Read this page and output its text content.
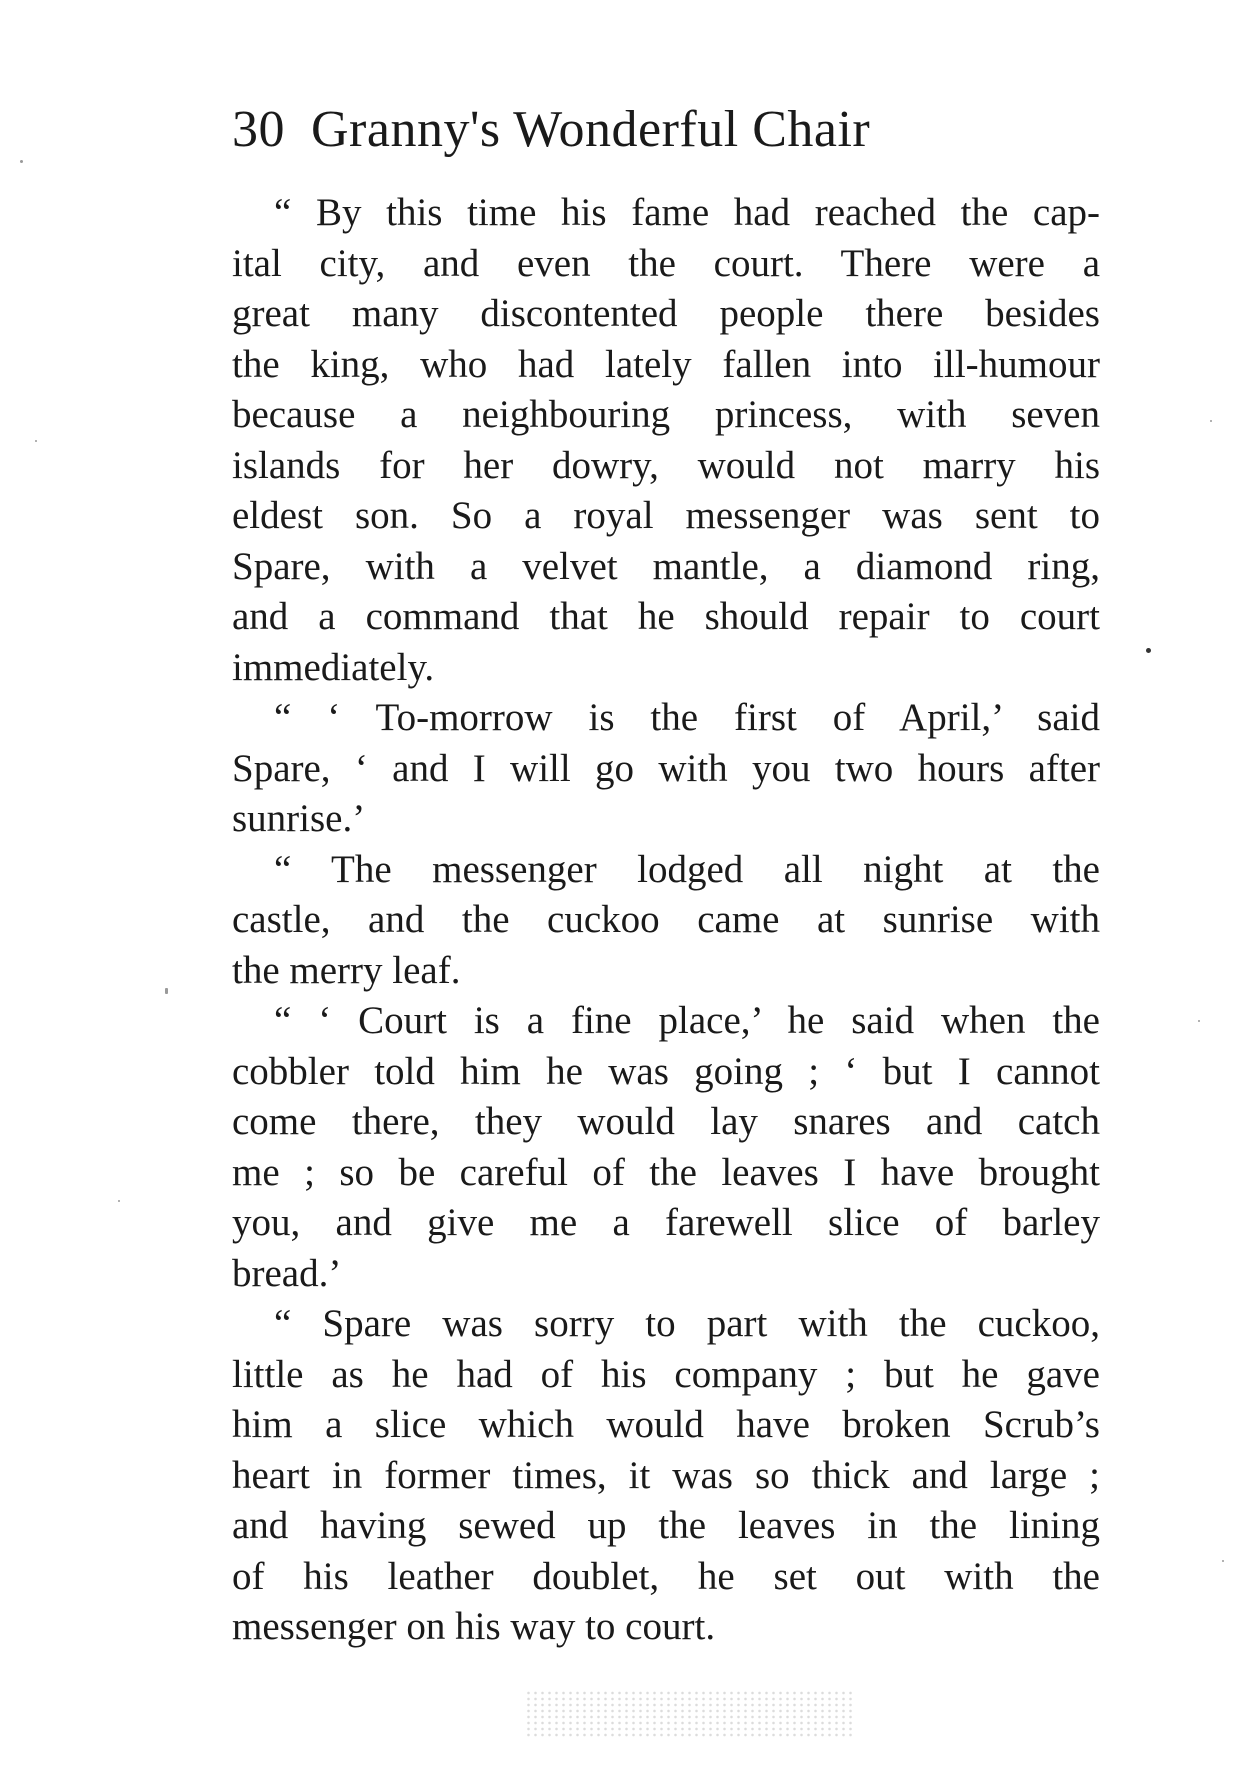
30 Granny's Wonderful Chair
“ By this time his fame had reached the cap-
ital city, and even the court. There were a
great many discontented people there besides
the king, who had lately fallen into ill-humour
because a neighbouring princess, with seven
islands for her dowry, would not marry his
eldest son. So a royal messenger was sent to
Spare, with a velvet mantle, a diamond ring,
and a command that he should repair to court
immediately.
“ ‘ To-morrow is the first of April,’ said
Spare, ‘ and I will go with you two hours after
sunrise.’
“ The messenger lodged all night at the
castle, and the cuckoo came at sunrise with
the merry leaf.
“ ‘ Court is a fine place,’ he said when the
cobbler told him he was going ; ‘ but I cannot
come there, they would lay snares and catch
me ; so be careful of the leaves I have brought
you, and give me a farewell slice of barley
bread.’
“ Spare was sorry to part with the cuckoo,
little as he had of his company ; but he gave
him a slice which would have broken Scrub’s
heart in former times, it was so thick and large ;
and having sewed up the leaves in the lining
of his leather doublet, he set out with the
messenger on his way to court.
